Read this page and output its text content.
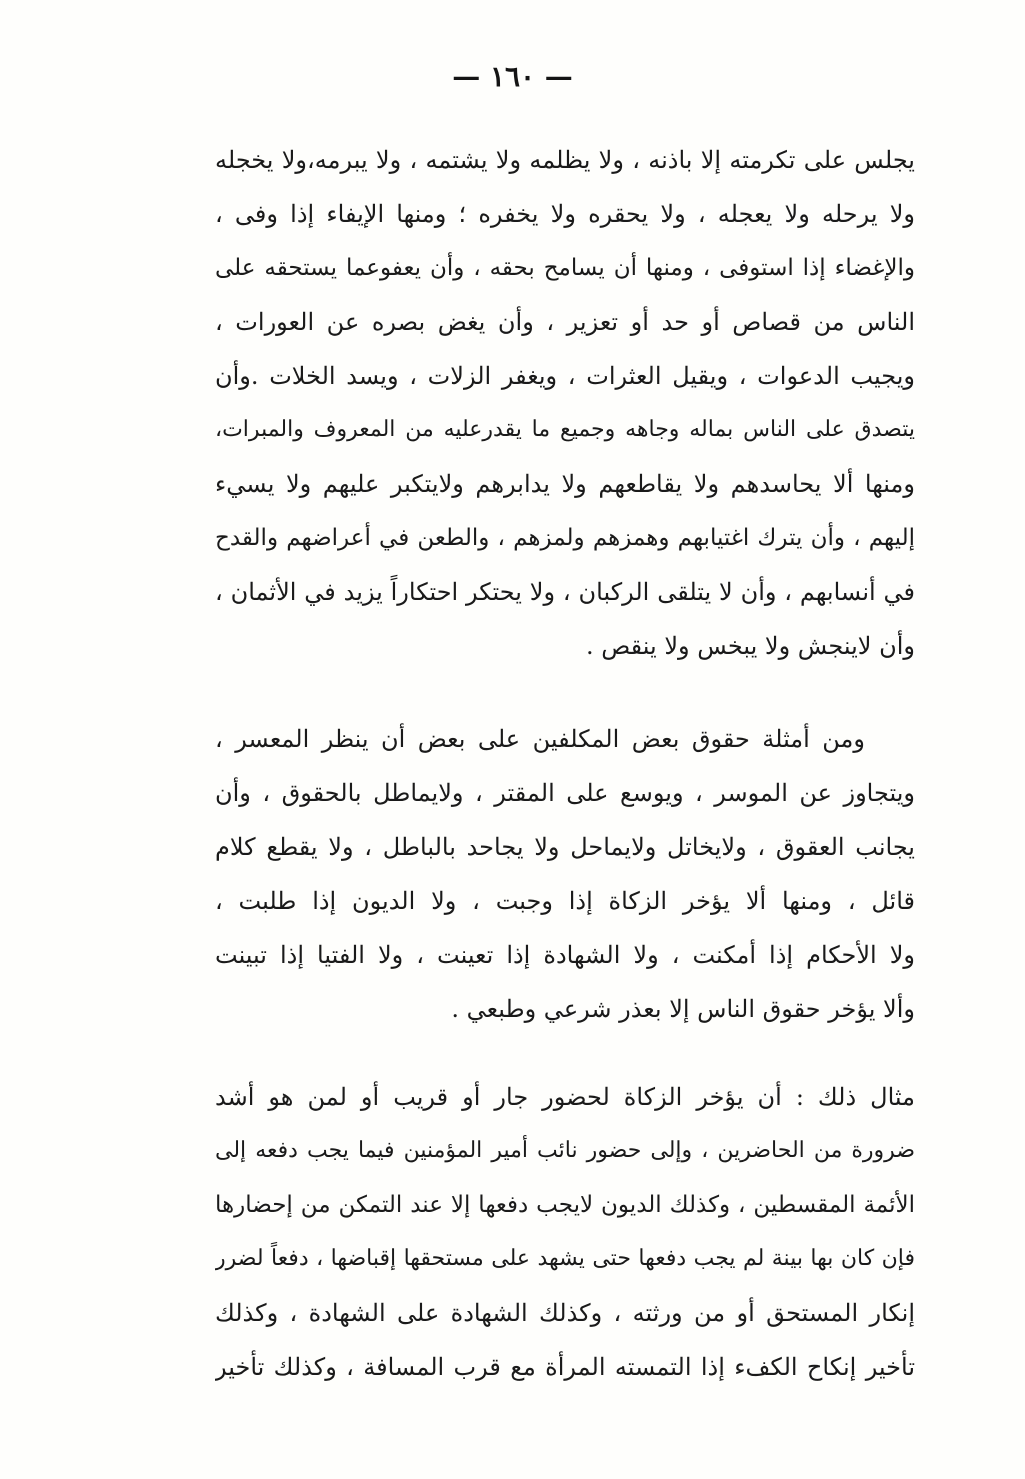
— ١٦٠ —
يجلس على تكرمته إلا باذنه ، ولا يظلمه ولا يشتمه ، ولا يبرمه،ولا يخجله
ولا يرحله ولا يعجله ، ولا يحقره ولا يخفره ؛ ومنها الإيفاء إذا وفى ،
والإغضاء إذا استوفى ، ومنها أن يسامح بحقه ، وأن يعفوعما يستحقه على
الناس من قصاص أو حد أو تعزير ، وأن يغض بصره عن العورات ،
ويجيب الدعوات ، ويقيل العثرات ، ويغفر الزلات ، ويسد الخلات .وأن
يتصدق على الناس بماله وجاهه وجميع ما يقدرعليه من المعروف والمبرات،
ومنها ألا يحاسدهم ولا يقاطعهم ولا يدابرهم ولايتكبر عليهم ولا يسيء
إليهم ، وأن يترك اغتيابهم وهمزهم ولمزهم ، والطعن في أعراضهم والقدح
في أنسابهم ، وأن لا يتلقى الركبان ، ولا يحتكر احتكاراً يزيد في الأثمان ،
وأن لاينجش ولا يبخس ولا ينقص .
ومن أمثلة حقوق بعض المكلفين على بعض أن ينظر المعسر ،
ويتجاوز عن الموسر ، ويوسع على المقتر ، ولايماطل بالحقوق ، وأن
يجانب العقوق ، ولايخاتل ولايماحل ولا يجاحد بالباطل ، ولا يقطع كلام
قائل ، ومنها ألا يؤخر الزكاة إذا وجبت ، ولا الديون إذا طلبت ،
ولا الأحكام إذا أمكنت ، ولا الشهادة إذا تعينت ، ولا الفتيا إذا تبينت
وألا يؤخر حقوق الناس إلا بعذر شرعي وطبعي .
مثال ذلك : أن يؤخر الزكاة لحضور جار أو قريب أو لمن هو أشد
ضرورة من الحاضرين ، وإلى حضور نائب أمير المؤمنين فيما يجب دفعه إلى
الأئمة المقسطين ، وكذلك الديون لايجب دفعها إلا عند التمكن من إحضارها
فإن كان بها بينة لم يجب دفعها حتى يشهد على مستحقها إقباضها ، دفعاً لضرر
إنكار المستحق أو من ورثته ، وكذلك الشهادة على الشهادة ، وكذلك
تأخير إنكاح الكفء إذا التمسته المرأة مع قرب المسافة ، وكذلك تأخير
